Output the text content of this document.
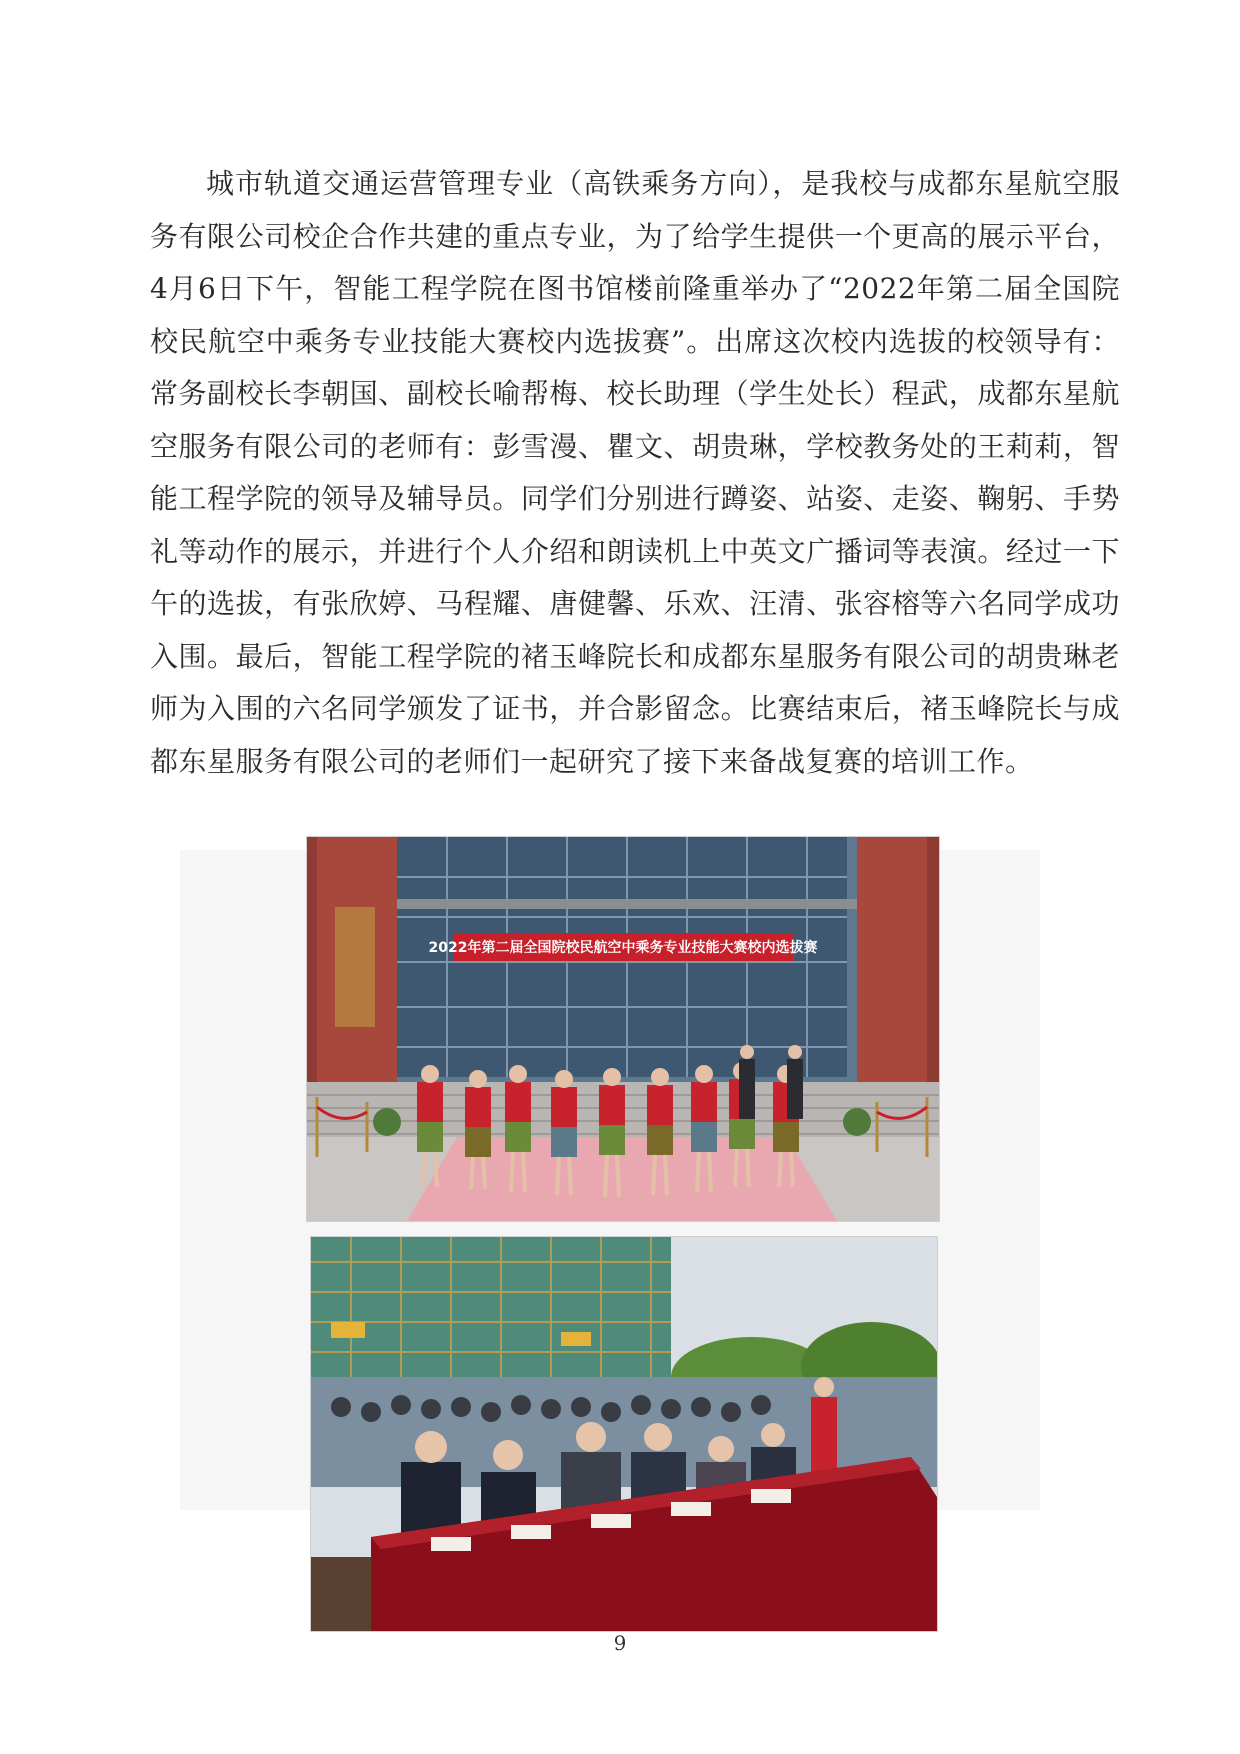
城市轨道交通运营管理专业（高铁乘务方向），是我校与成都东星航空服务有限公司校企合作共建的重点专业，为了给学生提供一个更高的展示平台，4月6日下午，智能工程学院在图书馆楼前隆重举办了“2022年第二届全国院校民航空中乘务专业技能大赛校内选拔赛”。出席这次校内选拔的校领导有：常务副校长李朝国、副校长喻帮梅、校长助理（学生处长）程武，成都东星航空服务有限公司的老师有：彭雪漫、瞿文、胡贵琳，学校教务处的王莉莉，智能工程学院的领导及辅导员。同学们分别进行蹲姿、站姿、走姿、鞠躬、手势礼等动作的展示，并进行个人介绍和朗读机上中英文广播词等表演。经过一下午的选拔，有张欣婷、马程耀、唐健馨、乐欢、汪清、张容榕等六名同学成功入围。最后，智能工程学院的褚玉峰院长和成都东星服务有限公司的胡贵琳老师为入围的六名同学颁发了证书，并合影留念。比赛结束后，褚玉峰院长与成都东星服务有限公司的老师们一起研究了接下来备战复赛的培训工作。

2022年第二届全国院校民航空中乘务专业技能大赛校内选拔赛
9
